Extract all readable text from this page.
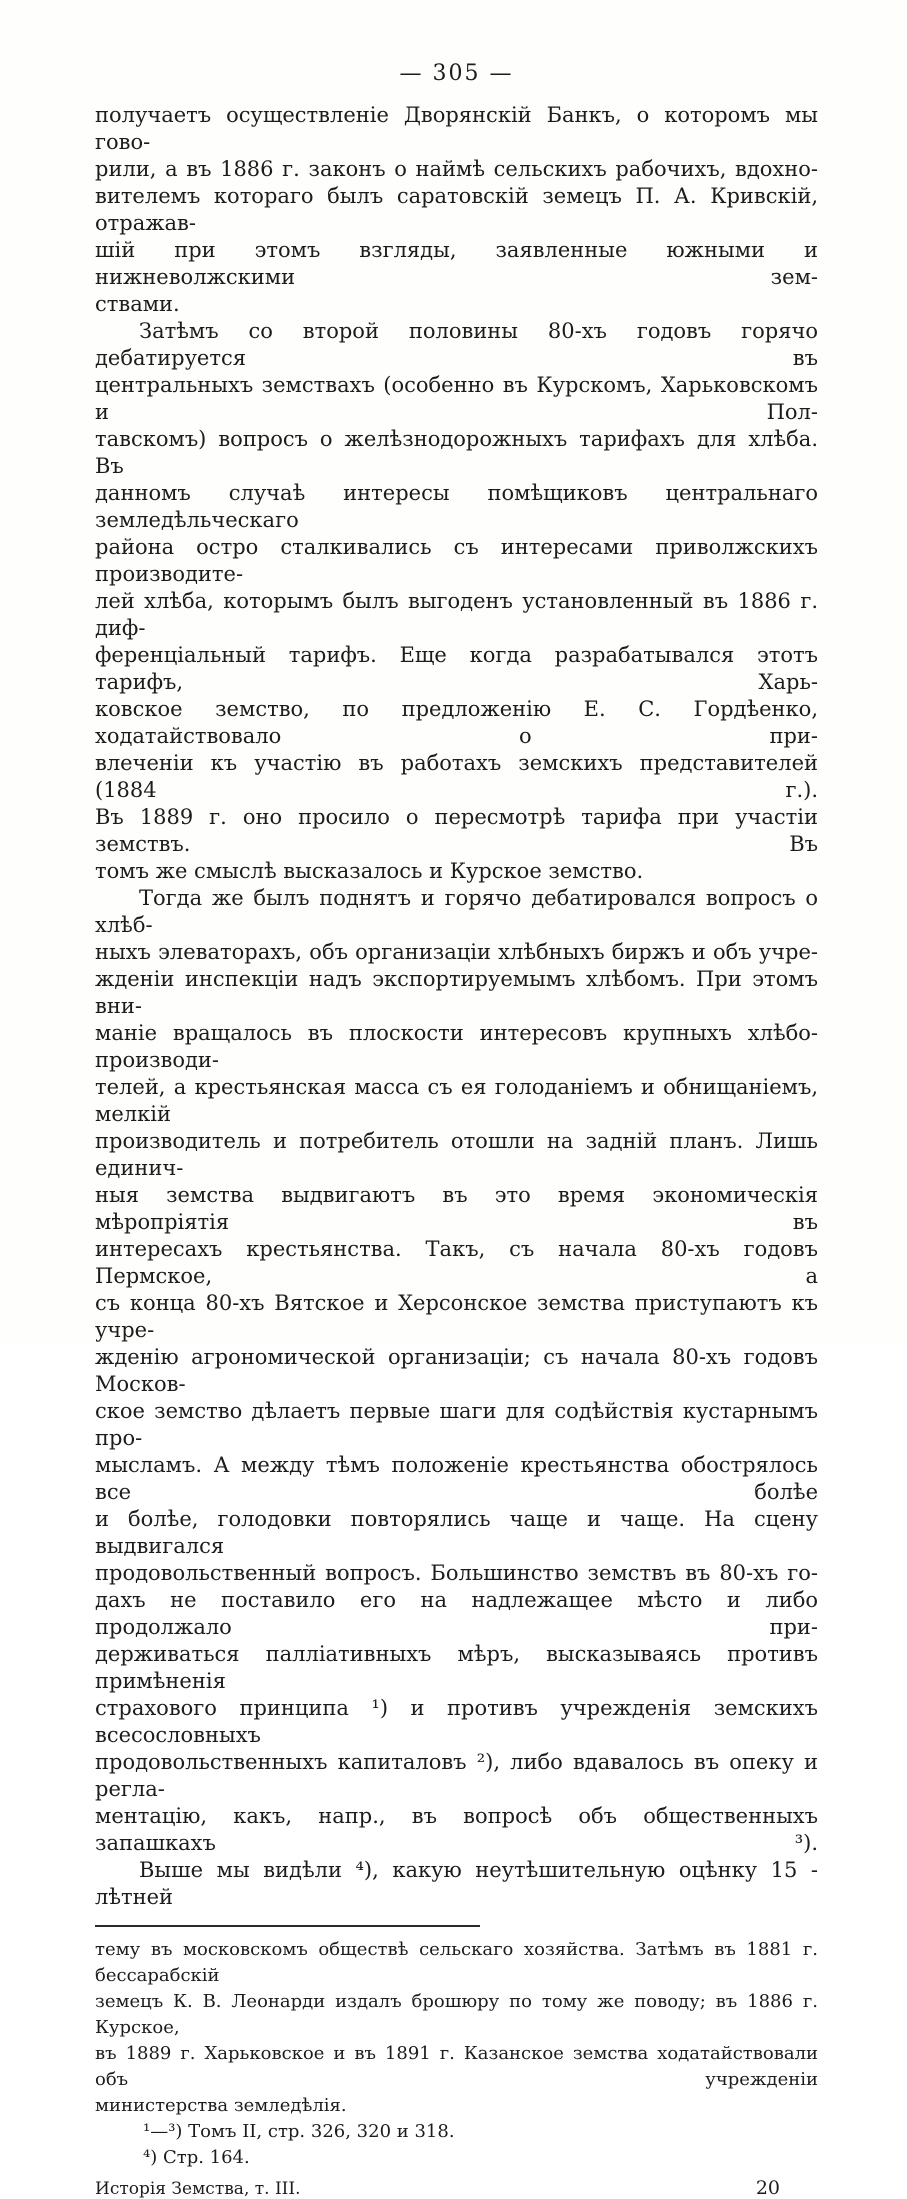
— 305 —
получаетъ осуществленіе Дворянскій Банкъ, о которомъ мы гово-
рили, а въ 1886 г. законъ о наймѣ сельскихъ рабочихъ, вдохно-
вителемъ котораго былъ саратовскій земецъ П. А. Кривскій, отражав-
шій при этомъ взгляды, заявленные южными и нижневолжскими зем-
ствами.
Затѣмъ со второй половины 80-хъ годовъ горячо дебатируется въ
центральныхъ земствахъ (особенно въ Курскомъ, Харьковскомъ и Пол-
тавскомъ) вопросъ о желѣзнодорожныхъ тарифахъ для хлѣба. Въ
данномъ случаѣ интересы помѣщиковъ центральнаго земледѣльческаго
района остро сталкивались съ интересами приволжскихъ производите-
лей хлѣба, которымъ былъ выгоденъ установленный въ 1886 г. диф-
ференціальный тарифъ. Еще когда разрабатывался этотъ тарифъ, Харь-
ковское земство, по предложенію Е. С. Гордѣенко, ходатайствовало о при-
влеченіи къ участію въ работахъ земскихъ представителей (1884 г.).
Въ 1889 г. оно просило о пересмотрѣ тарифа при участіи земствъ. Въ
томъ же смыслѣ высказалось и Курское земство.
Тогда же былъ поднятъ и горячо дебатировался вопросъ о хлѣб-
ныхъ элеваторахъ, объ организаціи хлѣбныхъ биржъ и объ учре-
жденіи инспекціи надъ экспортируемымъ хлѣбомъ. При этомъ вни-
маніе вращалось въ плоскости интересовъ крупныхъ хлѣбо-производи-
телей, а крестьянская масса съ ея голоданіемъ и обнищаніемъ, мелкій
производитель и потребитель отошли на задній планъ. Лишь единич-
ныя земства выдвигаютъ въ это время экономическія мѣропріятія въ
интересахъ крестьянства. Такъ, съ начала 80-хъ годовъ Пермское, а
съ конца 80-хъ Вятское и Херсонское земства приступаютъ къ учре-
жденію агрономической организаціи; съ начала 80-хъ годовъ Москов-
ское земство дѣлаетъ первые шаги для содѣйствія кустарнымъ про-
мысламъ. А между тѣмъ положеніе крестьянства обострялось все болѣе
и болѣе, голодовки повторялись чаще и чаще. На сцену выдвигался
продовольственный вопросъ. Большинство земствъ въ 80-хъ го-
дахъ не поставило его на надлежащее мѣсто и либо продолжало при-
держиваться палліативныхъ мѣръ, высказываясь противъ примѣненія
страхового принципа ¹) и противъ учрежденія земскихъ всесословныхъ
продовольственныхъ капиталовъ ²), либо вдавалось въ опеку и регла-
ментацію, какъ, напр., въ вопросѣ объ общественныхъ запашкахъ ³).
Выше мы видѣли ⁴), какую неутѣшительную оцѣнку 15 - лѣтней
тему въ московскомъ обществѣ сельскаго хозяйства. Затѣмъ въ 1881 г. бессарабскій
земецъ К. В. Леонарди издалъ брошюру по тому же поводу; въ 1886 г. Курское,
въ 1889 г. Харьковское и въ 1891 г. Казанское земства ходатайствовали объ учрежденіи
министерства земледѣлія.
¹—³) Томъ II, стр. 326, 320 и 318.
⁴) Стр. 164.
Исторія Земства, т. III.	20
